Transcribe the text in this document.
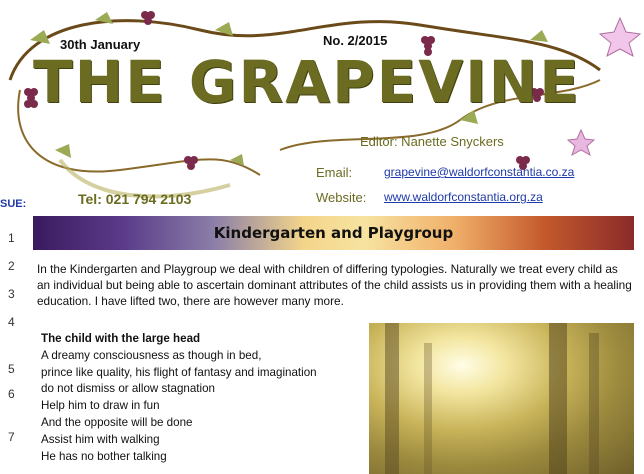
30th January	No. 2/2015
THE GRAPEVINE
Editor: Nanette Snyckers
Email:	grapevine@waldorfconstantia.co.za
Website: www.waldorfconstantia.org.za
Tel: 021 794 2103
SUE:
1
2
3
4
5
6
7
Kindergarten and Playgroup

In the Kindergarten and Playgroup we deal with children of differing typologies. Naturally we treat every child as an individual but being able to ascertain dominant attributes of the child assists us in providing them with a healing education. I have lifted two, there are however many more.

The child with the large head
A dreamy consciousness as though in bed,
prince like quality, his flight of fantasy and imagination
do not dismiss or allow stagnation
Help him to draw in fun
And the opposite will be done
Assist him with walking
He has no bother talking
